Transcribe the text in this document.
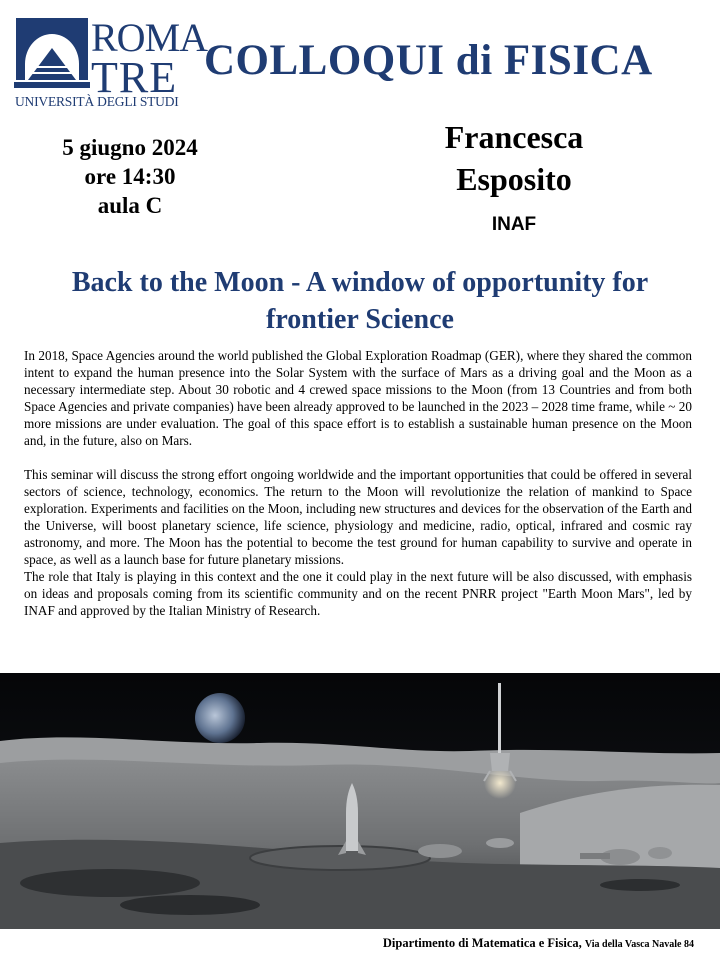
ROMA
TRE
UNIVERSITÀ DEGLI STUDI
COLLOQUI di FISICA
5 giugno 2024
ore 14:30
aula C
Francesca
Esposito
INAF
Back to the Moon - A window of opportunity for
frontier Science

In 2018, Space Agencies around the world published the Global Exploration Roadmap (GER), where they shared the common intent to expand the human presence into the Solar System with the surface of Mars as a driving goal and the Moon as a necessary intermediate step. About 30 robotic and 4 crewed space missions to the Moon (from 13 Countries and from both Space Agencies and private companies) have been already approved to be launched in the 2023 – 2028 time frame, while ~ 20 more missions are under evaluation. The goal of this space effort is to establish a sustainable human presence on the Moon and, in the future, also on Mars.

This seminar will discuss the strong effort ongoing worldwide and the important opportunities that could be offered in several sectors of science, technology, economics. The return to the Moon will revolutionize the relation of mankind to Space exploration. Experiments and facilities on the Moon, including new structures and devices for the observation of the Earth and the Universe, will boost planetary science, life science, physiology and medicine, radio, optical, infrared and cosmic ray astronomy, and more. The Moon has the potential to become the test ground for human capability to survive and operate in space, as well as a launch base for future planetary missions.

The role that Italy is playing in this context and the one it could play in the next future will be also discussed, with emphasis on ideas and proposals coming from its scientific community and on the recent PNRR project "Earth Moon Mars", led by INAF and approved by the Italian Ministry of Research.

Dipartimento di Matematica e Fisica, Via della Vasca Navale 84
